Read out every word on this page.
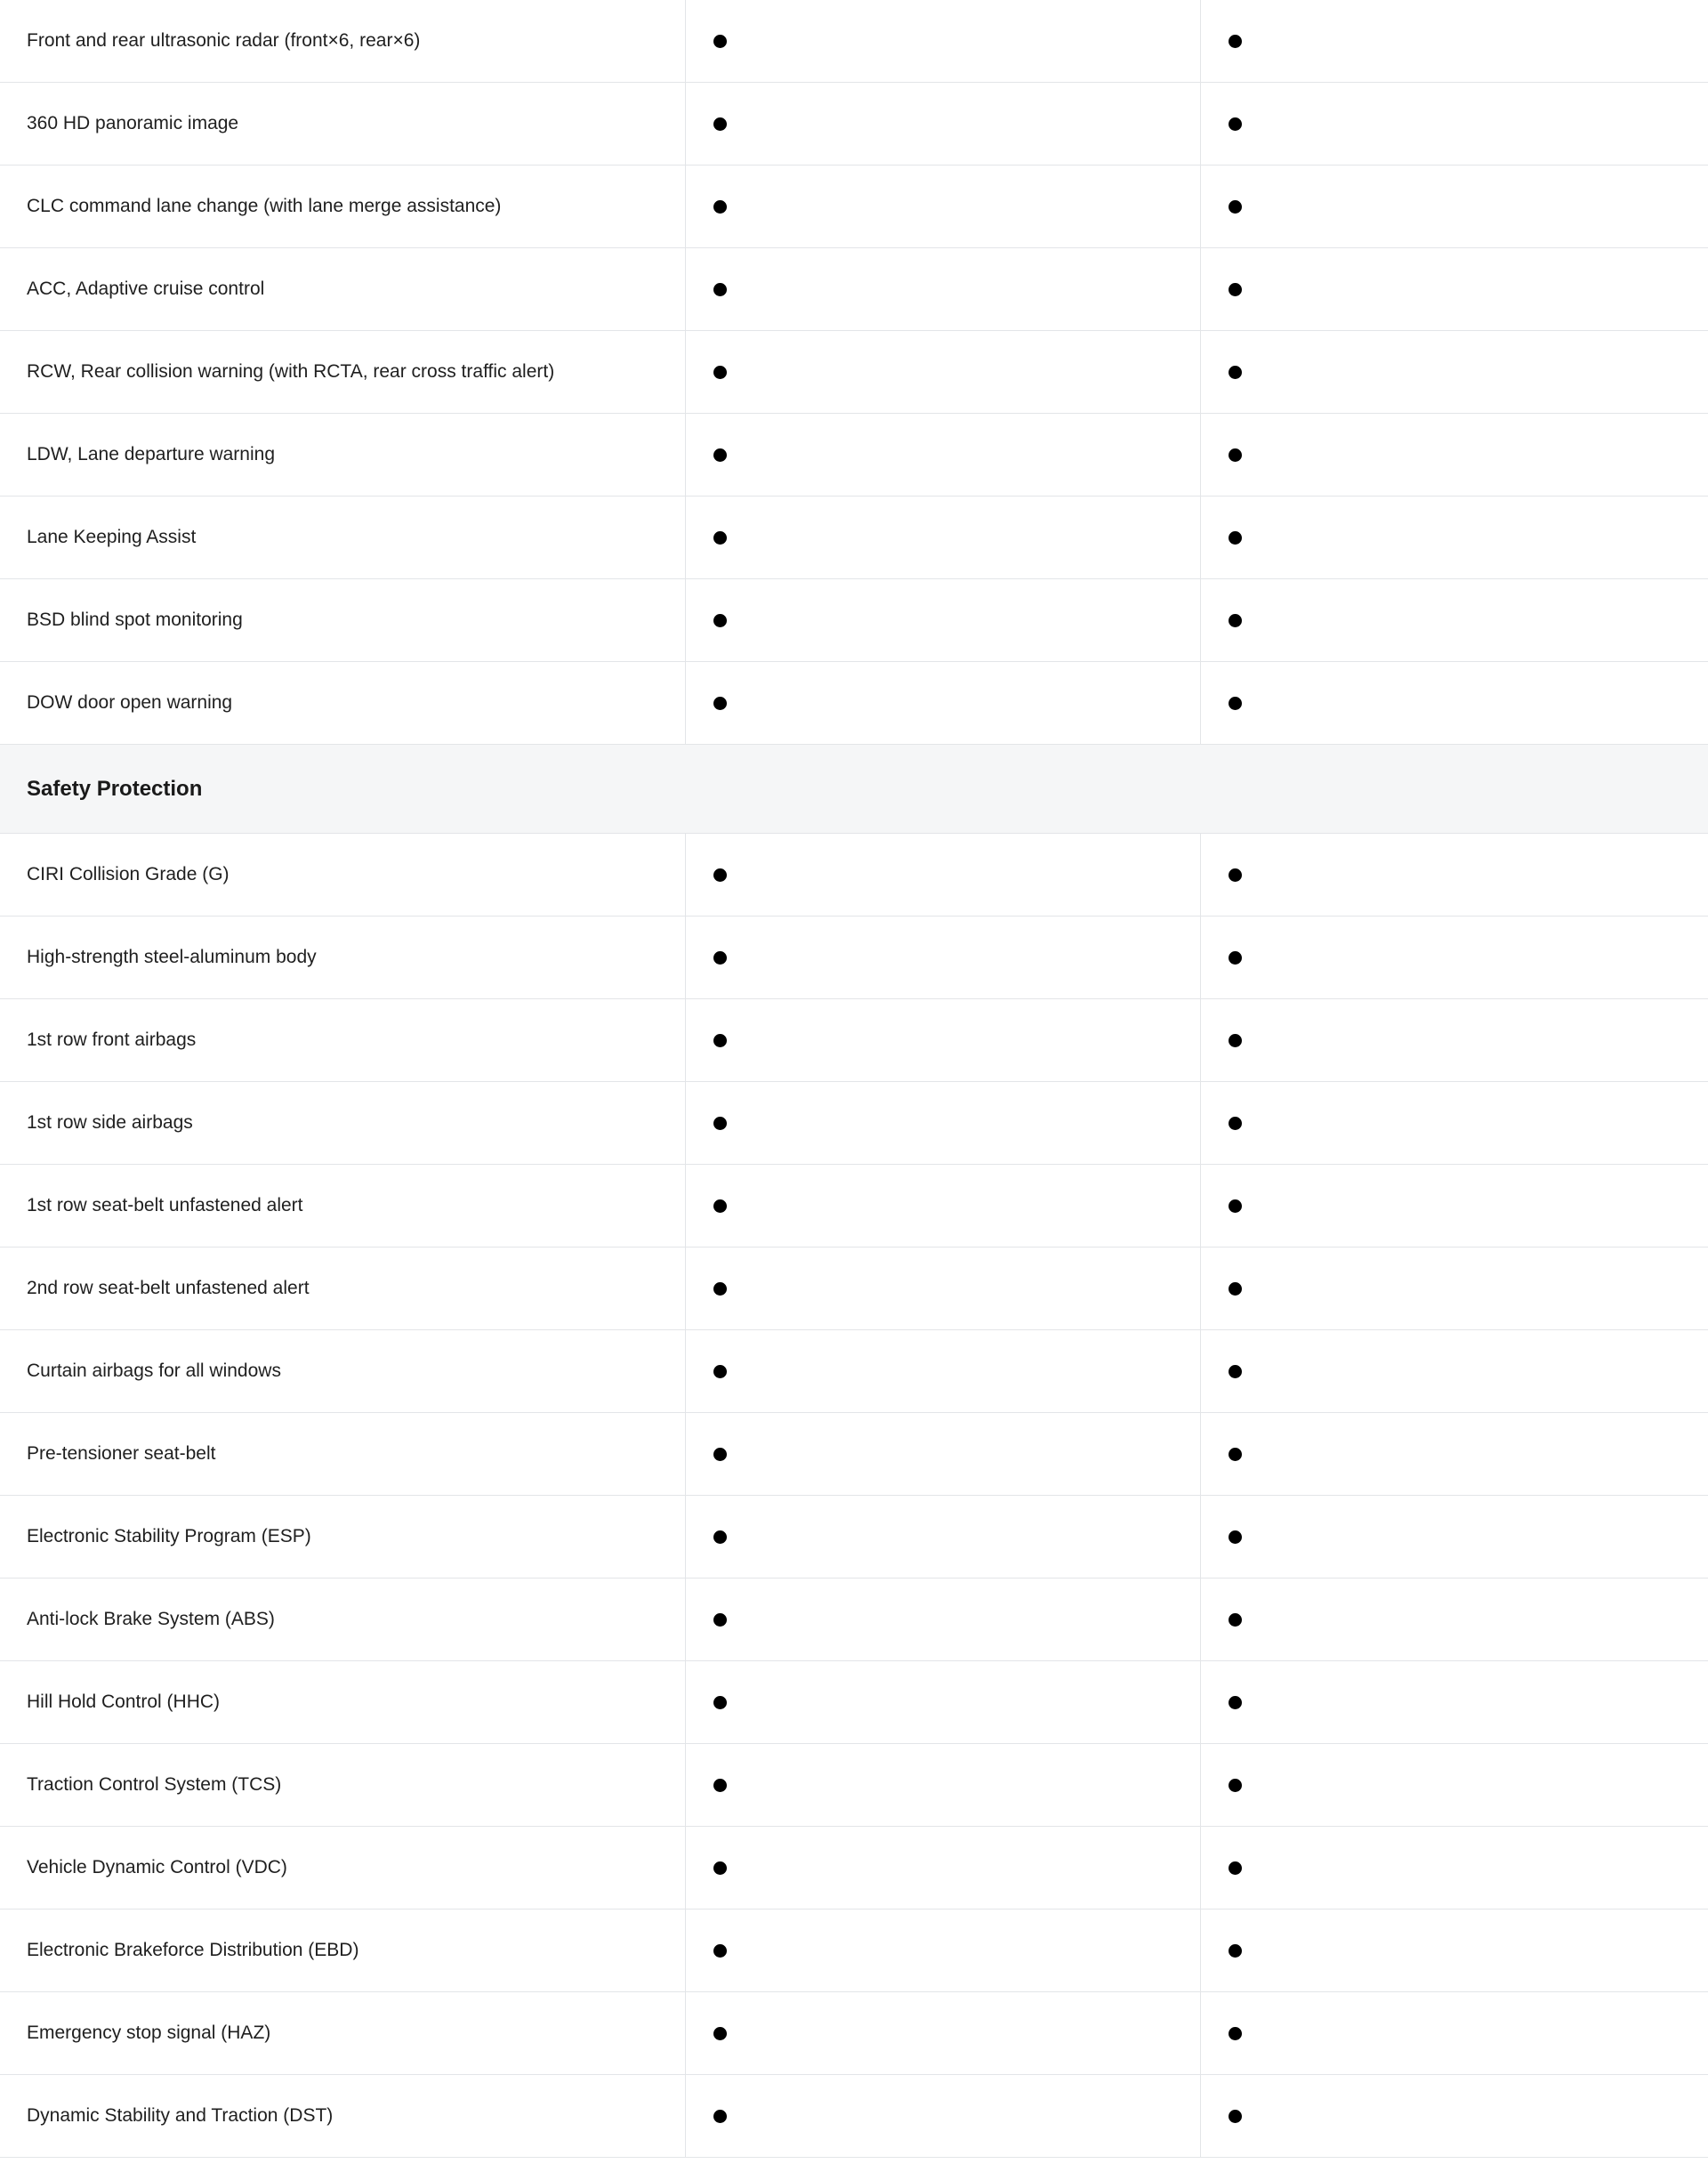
Front and rear ultrasonic radar (front×6, rear×6)
360 HD panoramic image
CLC command lane change (with lane merge assistance)
ACC, Adaptive cruise control
RCW, Rear collision warning (with RCTA, rear cross traffic alert)
LDW, Lane departure warning
Lane Keeping Assist
BSD blind spot monitoring
DOW door open warning
Safety Protection
CIRI Collision Grade (G)
High-strength steel-aluminum body
1st row front airbags
1st row side airbags
1st row seat-belt unfastened alert
2nd row seat-belt unfastened alert
Curtain airbags for all windows
Pre-tensioner seat-belt
Electronic Stability Program (ESP)
Anti-lock Brake System (ABS)
Hill Hold Control (HHC)
Traction Control System (TCS)
Vehicle Dynamic Control (VDC)
Electronic Brakeforce Distribution (EBD)
Emergency stop signal (HAZ)
Dynamic Stability and Traction (DST)
